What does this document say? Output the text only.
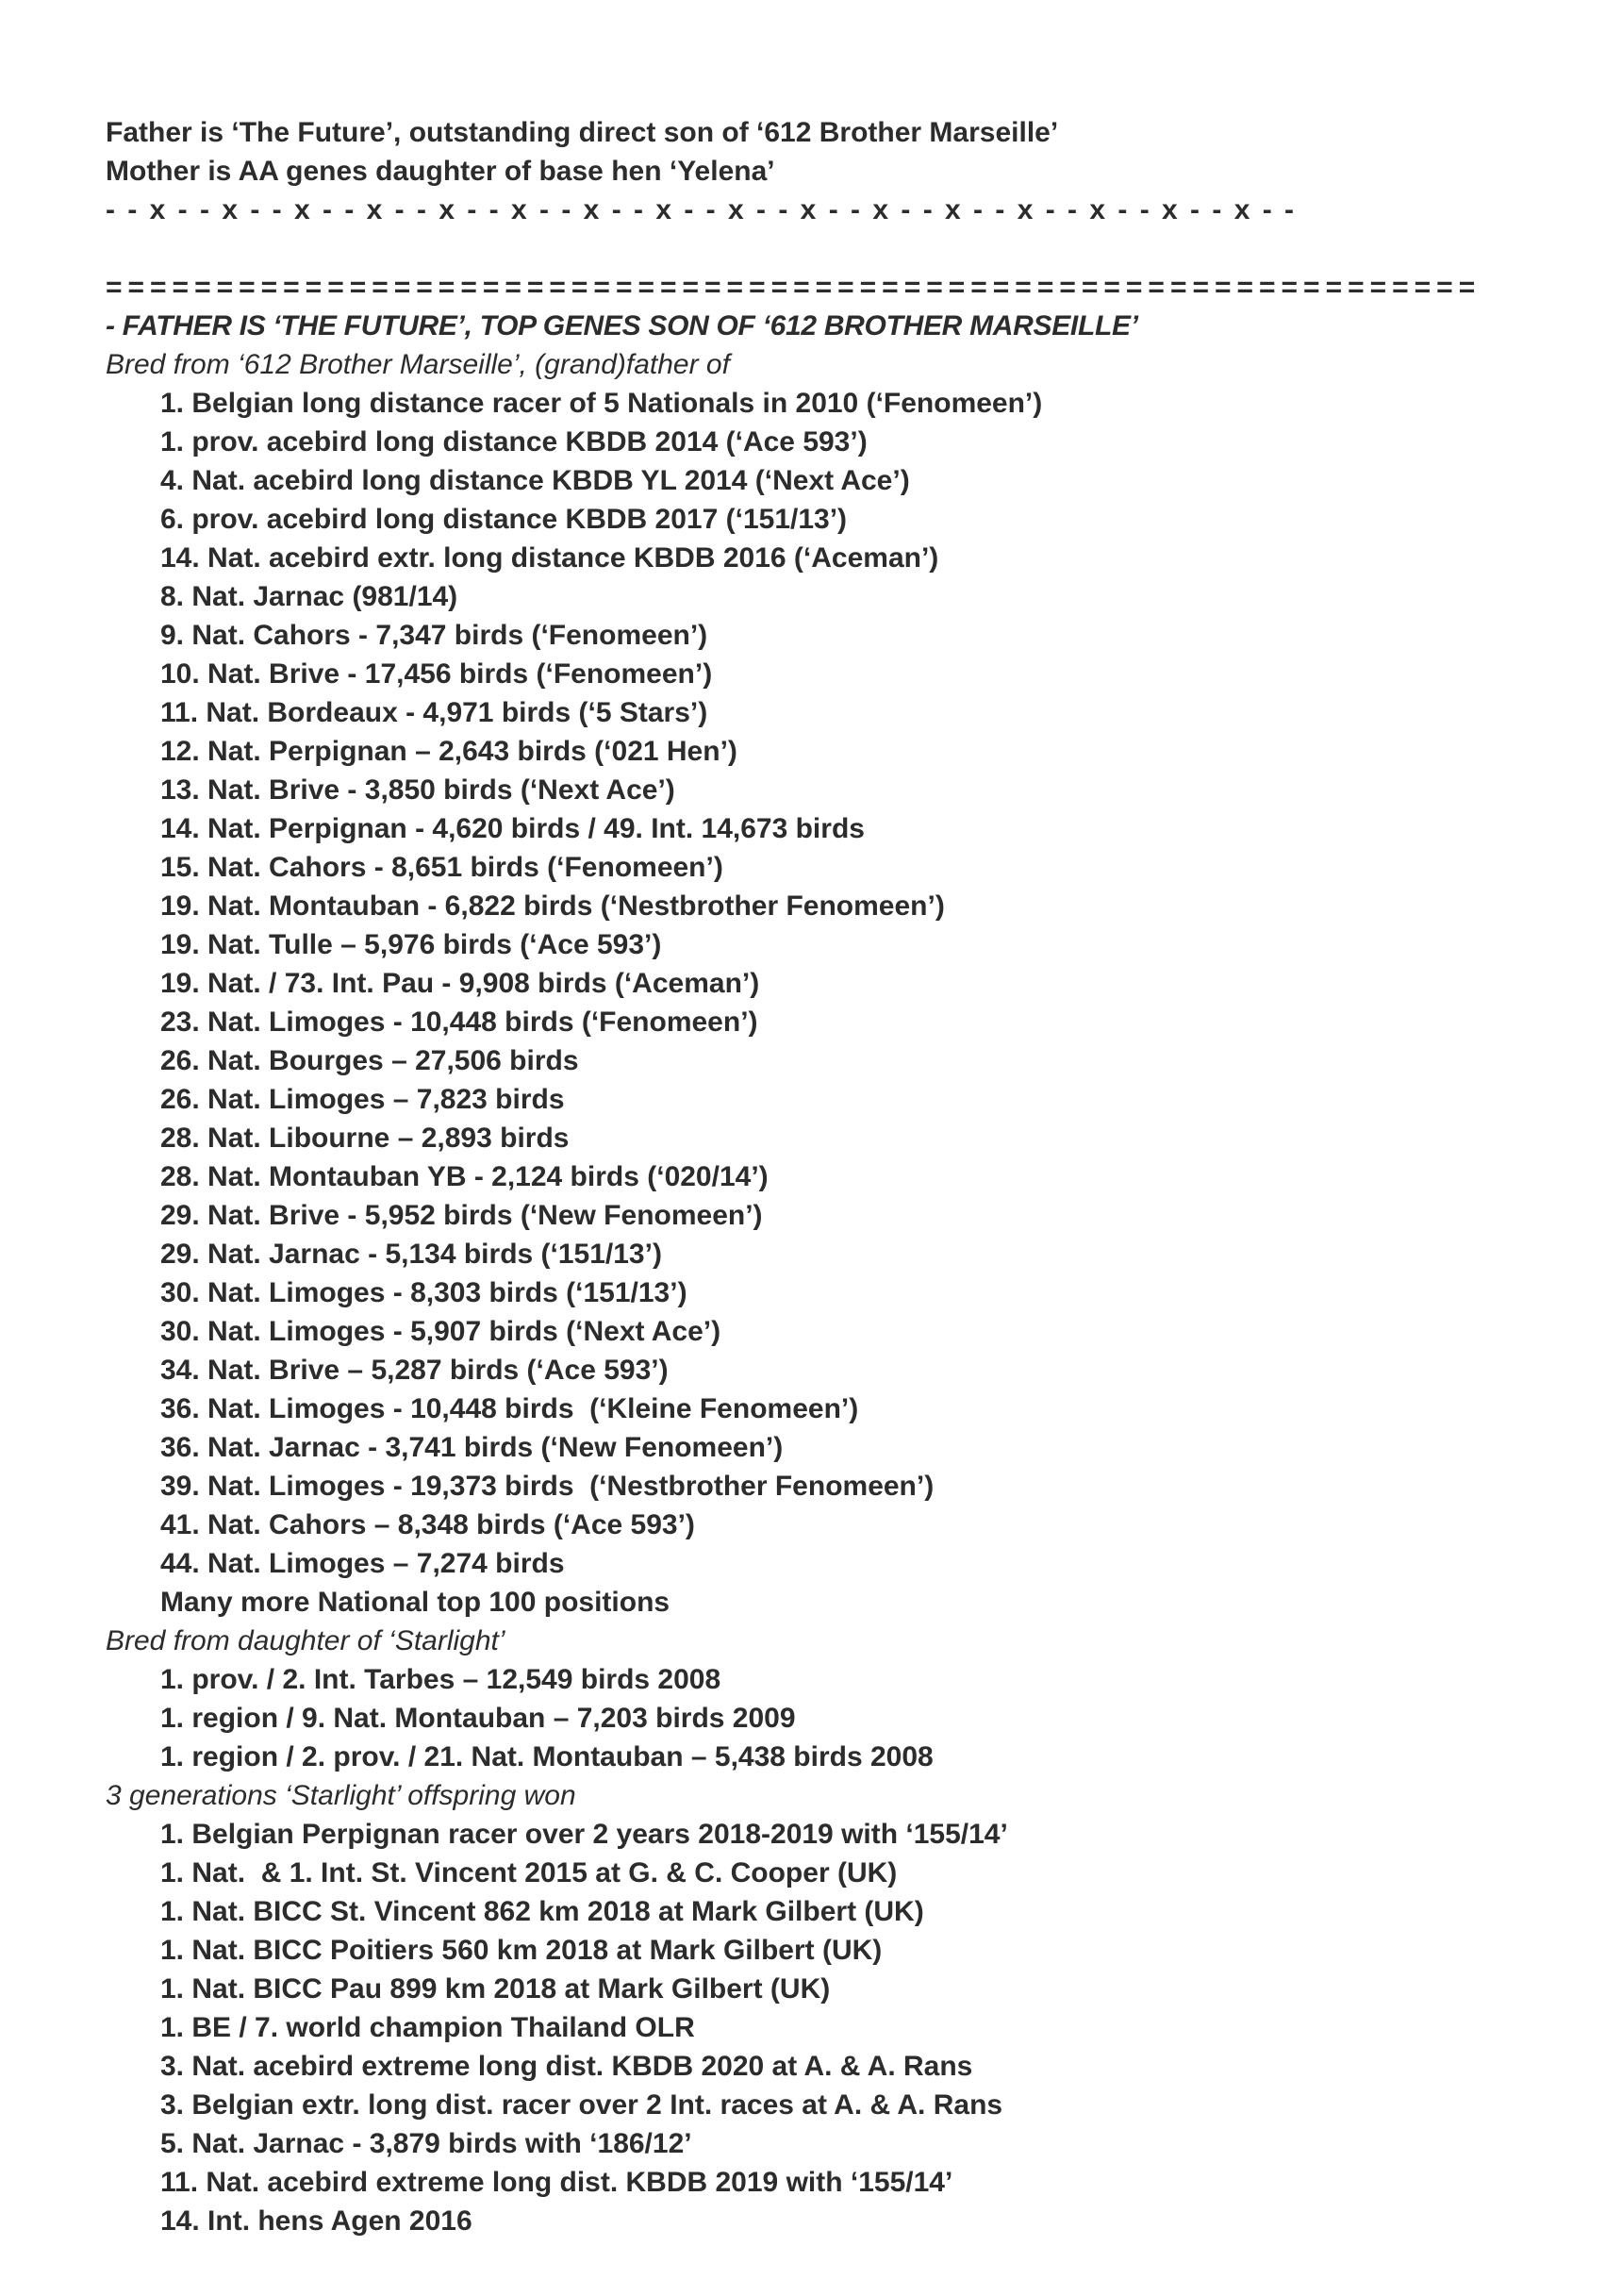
Father is ‘The Future’, outstanding direct son of ‘612 Brother Marseille’
Mother is AA genes daughter of base hen ‘Yelena’
- - x - - x - - x - - x - - x - - x - - x - - x - - x - - x - - x - - x - - x - - x - - x - - x - -
==============================================================
- FATHER IS ‘THE FUTURE’, TOP GENES SON OF ‘612 BROTHER MARSEILLE’
Bred from ‘612 Brother Marseille’, (grand)father of
1. Belgian long distance racer of 5 Nationals in 2010 (‘Fenomeen’)
1. prov. acebird long distance KBDB 2014 (‘Ace 593’)
4. Nat. acebird long distance KBDB YL 2014 (‘Next Ace’)
6. prov. acebird long distance KBDB 2017 (‘151/13’)
14. Nat. acebird extr. long distance KBDB 2016 (‘Aceman’)
8. Nat. Jarnac (981/14)
9. Nat. Cahors - 7,347 birds (‘Fenomeen’)
10. Nat. Brive - 17,456 birds (‘Fenomeen’)
11. Nat. Bordeaux - 4,971 birds (‘5 Stars’)
12. Nat. Perpignan – 2,643 birds (‘021 Hen’)
13. Nat. Brive - 3,850 birds (‘Next Ace’)
14. Nat. Perpignan - 4,620 birds / 49. Int. 14,673 birds
15. Nat. Cahors - 8,651 birds (‘Fenomeen’)
19. Nat. Montauban - 6,822 birds (‘Nestbrother Fenomeen’)
19. Nat. Tulle – 5,976 birds (‘Ace 593’)
19. Nat. / 73. Int. Pau - 9,908 birds (‘Aceman’)
23. Nat. Limoges - 10,448 birds (‘Fenomeen’)
26. Nat. Bourges – 27,506 birds
26. Nat. Limoges – 7,823 birds
28. Nat. Libourne – 2,893 birds
28. Nat. Montauban YB - 2,124 birds (‘020/14’)
29. Nat. Brive - 5,952 birds (‘New Fenomeen’)
29. Nat. Jarnac - 5,134 birds (‘151/13’)
30. Nat. Limoges - 8,303 birds (‘151/13’)
30. Nat. Limoges - 5,907 birds (‘Next Ace’)
34. Nat. Brive – 5,287 birds (‘Ace 593’)
36. Nat. Limoges - 10,448 birds  (‘Kleine Fenomeen’)
36. Nat. Jarnac - 3,741 birds (‘New Fenomeen’)
39. Nat. Limoges - 19,373 birds  (‘Nestbrother Fenomeen’)
41. Nat. Cahors – 8,348 birds (‘Ace 593’)
44. Nat. Limoges – 7,274 birds
Many more National top 100 positions
Bred from daughter of ‘Starlight’
1. prov. / 2. Int. Tarbes – 12,549 birds 2008
1. region / 9. Nat. Montauban – 7,203 birds 2009
1. region / 2. prov. / 21. Nat. Montauban – 5,438 birds 2008
3 generations ‘Starlight’ offspring won
1. Belgian Perpignan racer over 2 years 2018-2019 with ‘155/14’
1. Nat.  & 1. Int. St. Vincent 2015 at G. & C. Cooper (UK)
1. Nat. BICC St. Vincent 862 km 2018 at Mark Gilbert (UK)
1. Nat. BICC Poitiers 560 km 2018 at Mark Gilbert (UK)
1. Nat. BICC Pau 899 km 2018 at Mark Gilbert (UK)
1. BE / 7. world champion Thailand OLR
3. Nat. acebird extreme long dist. KBDB 2020 at A. & A. Rans
3. Belgian extr. long dist. racer over 2 Int. races at A. & A. Rans
5. Nat. Jarnac - 3,879 birds with ‘186/12’
11. Nat. acebird extreme long dist. KBDB 2019 with ‘155/14’
14. Int. hens Agen 2016
